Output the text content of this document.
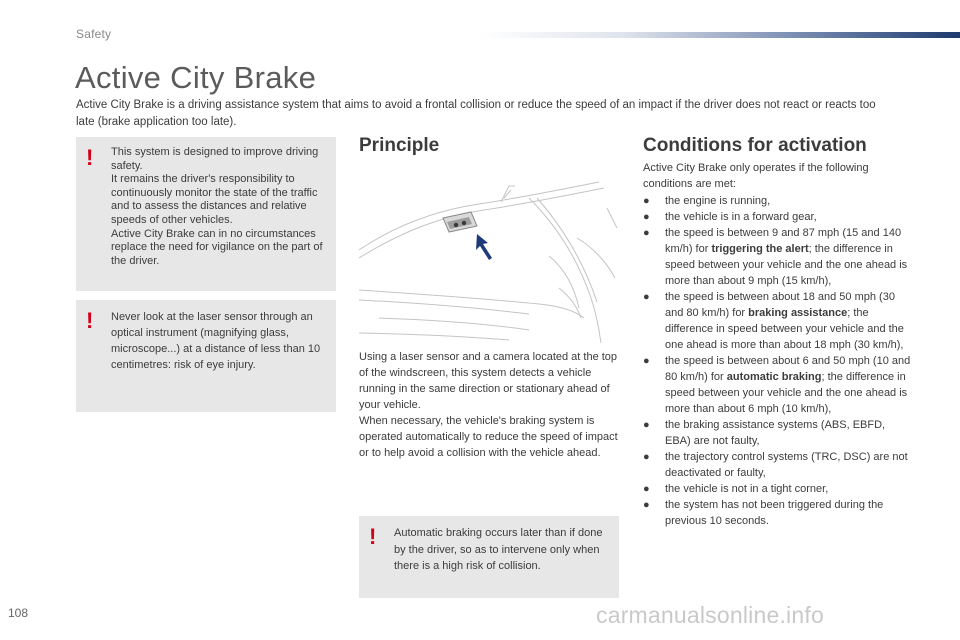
Safety
Active City Brake

Active City Brake is a driving assistance system that aims to avoid a frontal collision or reduce the speed of an impact if the driver does not react or reacts too late (brake application too late).

!	This system is designed to improve driving safety.
It remains the driver's responsibility to continuously monitor the state of the traffic and to assess the distances and relative speeds of other vehicles.
Active City Brake can in no circumstances replace the need for vigilance on the part of the driver.

!	Never look at the laser sensor through an optical instrument (magnifying glass, microscope...) at a distance of less than 10 centimetres: risk of eye injury.

Principle

Using a laser sensor and a camera located at the top of the windscreen, this system detects a vehicle running in the same direction or stationary ahead of your vehicle.
When necessary, the vehicle's braking system is operated automatically to reduce the speed of impact or to help avoid a collision with the vehicle ahead.

!	Automatic braking occurs later than if done by the driver, so as to intervene only when there is a high risk of collision.

Conditions for activation

Active City Brake only operates if the following conditions are met:

● the engine is running,
● the vehicle is in a forward gear,
● the speed is between 9 and 87 mph (15 and 140 km/h) for triggering the alert; the difference in speed between your vehicle and the one ahead is more than about 9 mph (15 km/h),
● the speed is between about 18 and 50 mph (30 and 80 km/h) for braking assistance; the difference in speed between your vehicle and the one ahead is more than about 18 mph (30 km/h),
● the speed is between about 6 and 50 mph (10 and 80 km/h) for automatic braking; the difference in speed between your vehicle and the one ahead is more than about 6 mph (10 km/h),
● the braking assistance systems (ABS, EBFD, EBA) are not faulty,
● the trajectory control systems (TRC, DSC) are not deactivated or faulty,
● the vehicle is not in a tight corner,
● the system has not been triggered during the previous 10 seconds.
108	carmanualsonline.info
